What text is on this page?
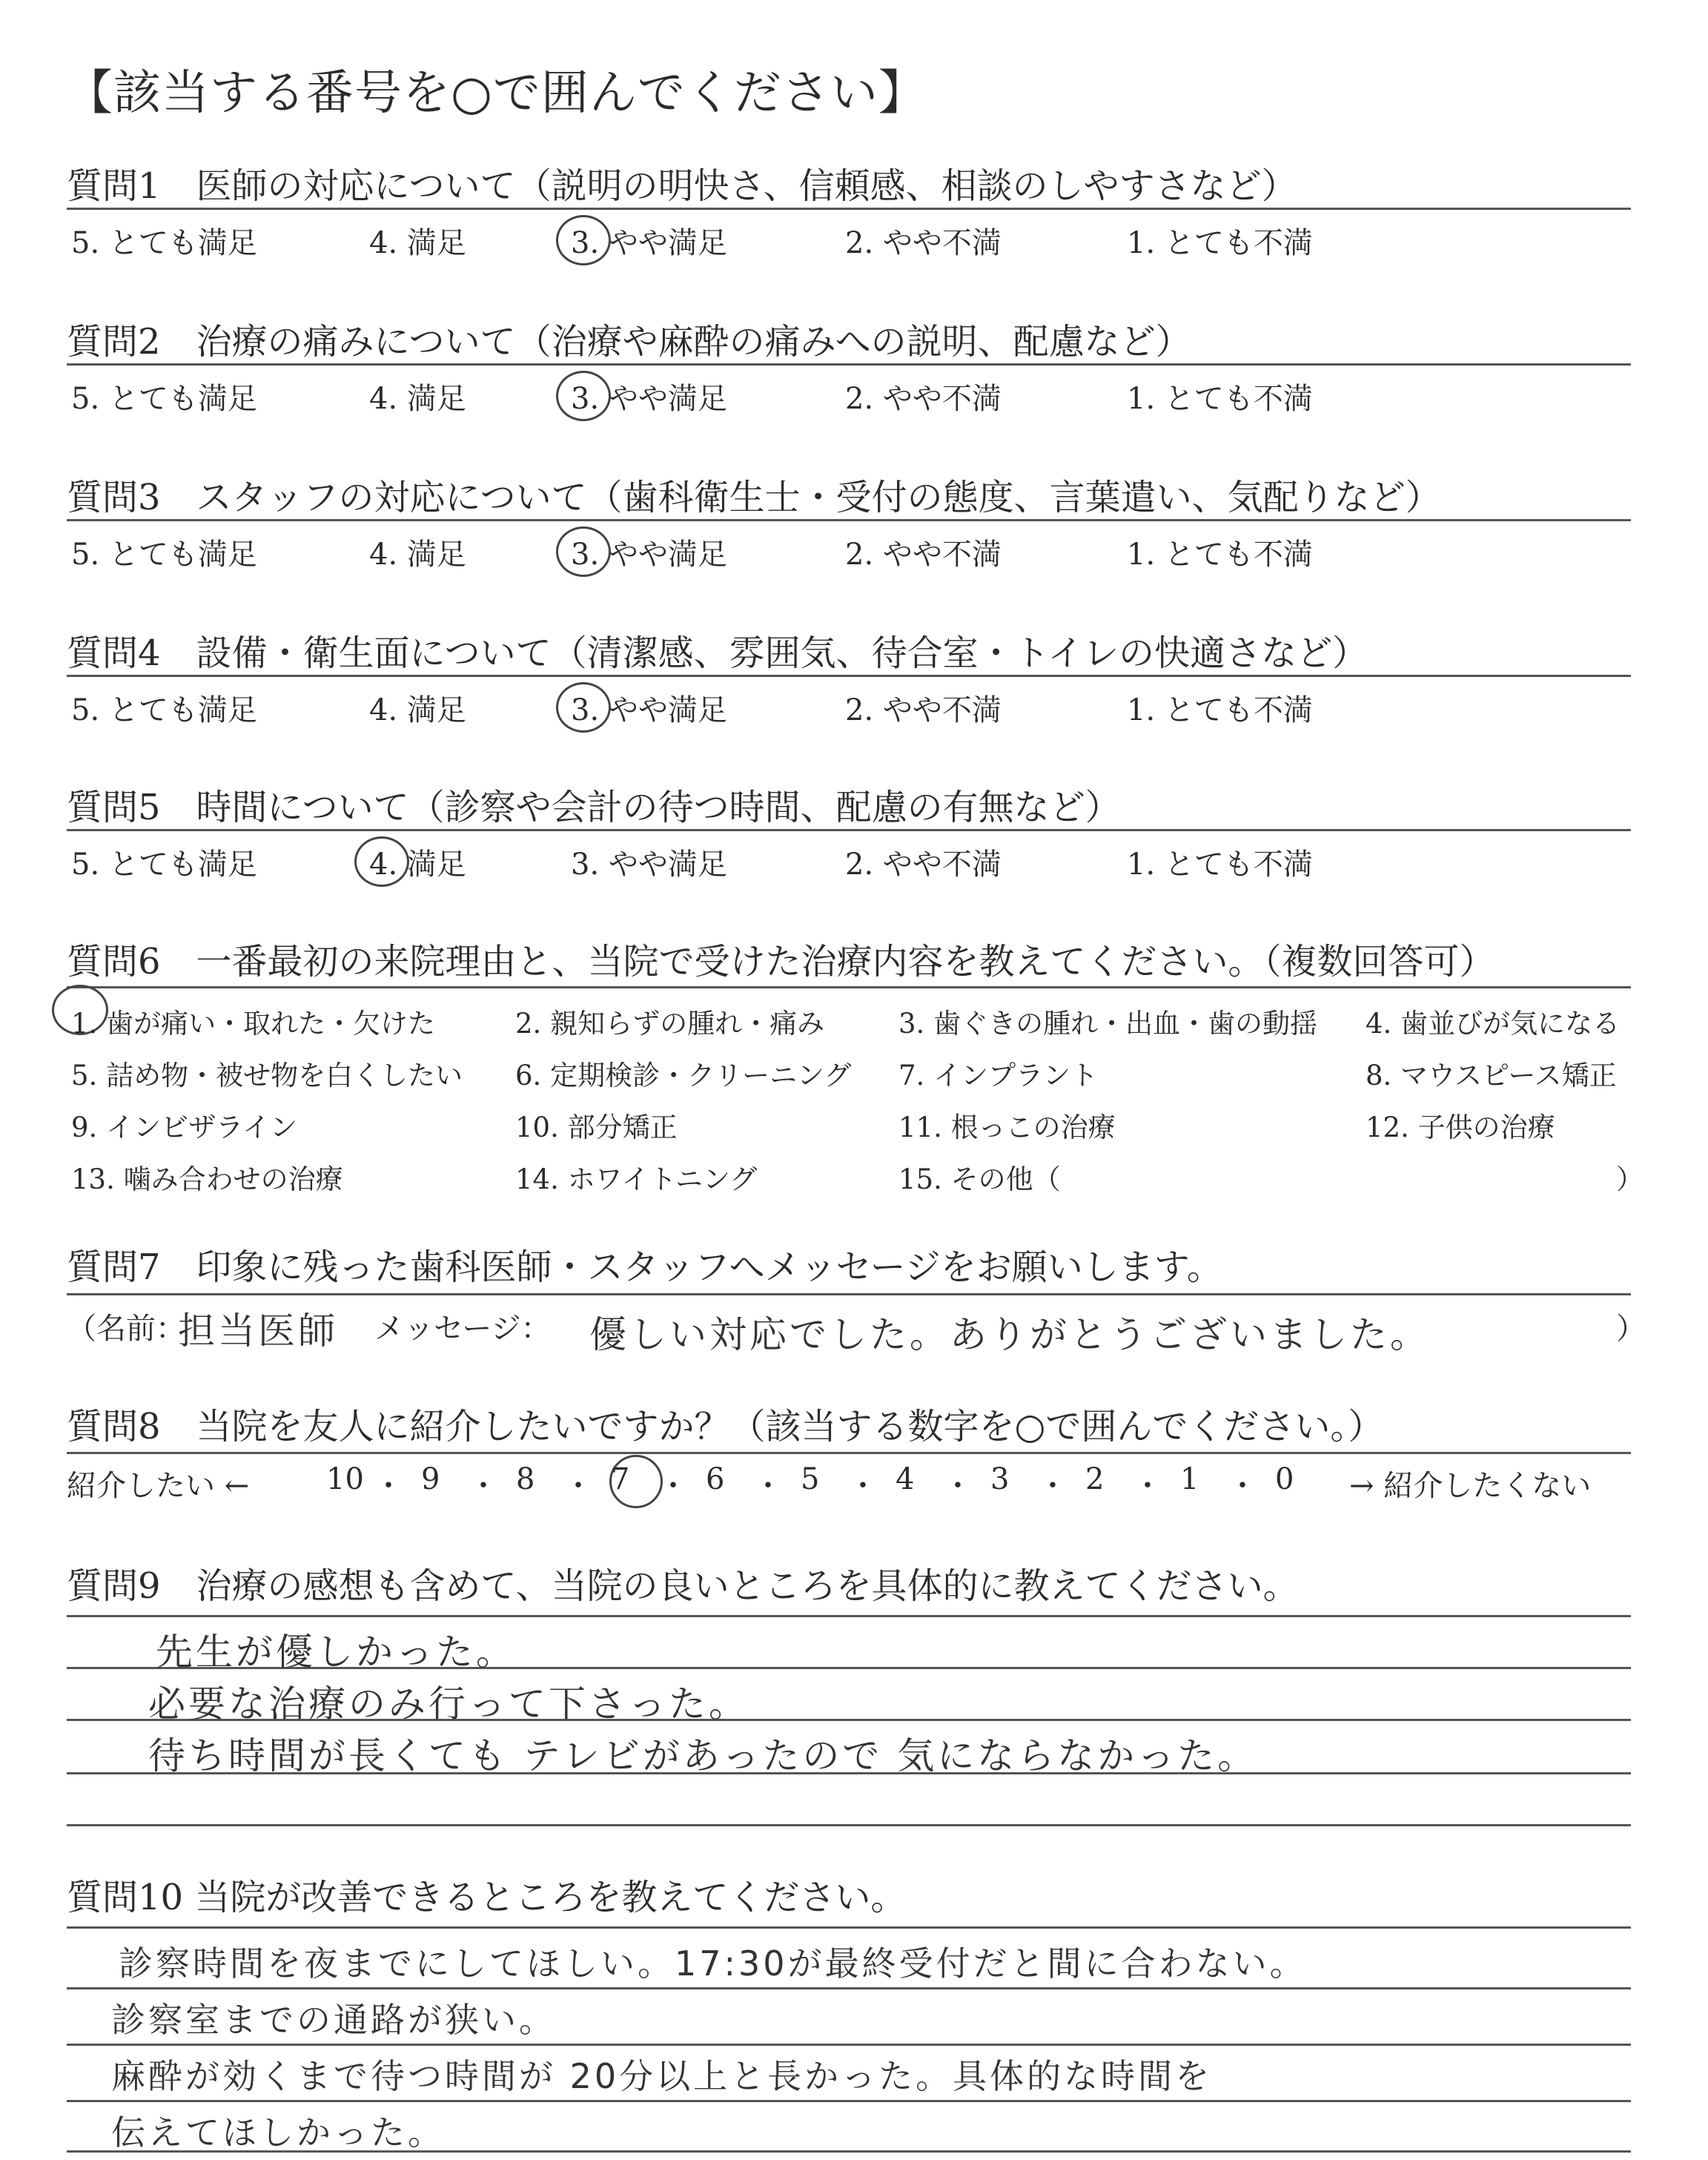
【該当する番号を○で囲んでください】
質問6　一番最初の来院理由と、当院で受けた治療内容を教えてください。（複数回答可）
質問7　印象に残った歯科医師・スタッフへメッセージをお願いします。
（名前：
担当医師 メッセージ： 優しい対応でした。ありがとうございました。	）
質問8　当院を友人に紹介したいですか？（該当する数字を○で囲んでください。）
紹介したい ←	→ 紹介したくない
質問9　治療の感想も含めて、当院の良いところを具体的に教えてください。
質問10 当院が改善できるところを教えてください。
質問1　医師の対応について（説明の明快さ、信頼感、相談のしやすさなど）
5. とても満足	4. 満足	3. やや満足	2. やや不満	1. とても不満
質問2　治療の痛みについて（治療や麻酔の痛みへの説明、配慮など）
5. とても満足	4. 満足	3. やや満足	2. やや不満	1. とても不満
質問3　スタッフの対応について（歯科衛生士・受付の態度、言葉遣い、気配りなど）
5. とても満足	4. 満足	3. やや満足	2. やや不満	1. とても不満
質問4　設備・衛生面について（清潔感、雰囲気、待合室・トイレの快適さなど）
5. とても満足	4. 満足	3. やや満足	2. やや不満	1. とても不満
質問5　時間について（診察や会計の待つ時間、配慮の有無など）
5. とても満足	4. 満足	3. やや満足	2. やや不満	1. とても不満
1. 歯が痛い・取れた・欠けた	2. 親知らずの腫れ・痛み	3. 歯ぐきの腫れ・出血・歯の動揺 4. 歯並びが気になる
5. 詰め物・被せ物を白くしたい 6. 定期検診・クリーニング 7. インプラント	8. マウスピース矯正
9. インビザライン	10. 部分矯正	11. 根っこの治療	12. 子供の治療
13. 噛み合わせの治療	14. ホワイトニング	15. その他（	）
10 ・ 9 ・ 8 ・ 7 ・ 6 ・ 5 ・ 4 ・ 3 ・ 2 ・ 1 ・ 0
先生が優しかった。
必要な治療のみ行って下さった。
待ち時間が長くても テレビがあったので 気にならなかった。
診察時間を夜までにしてほしい。17:30が最終受付だと間に合わない。
診察室までの通路が狭い。
麻酔が効くまで待つ時間が 20分以上と長かった。具体的な時間を
伝えてほしかった。
